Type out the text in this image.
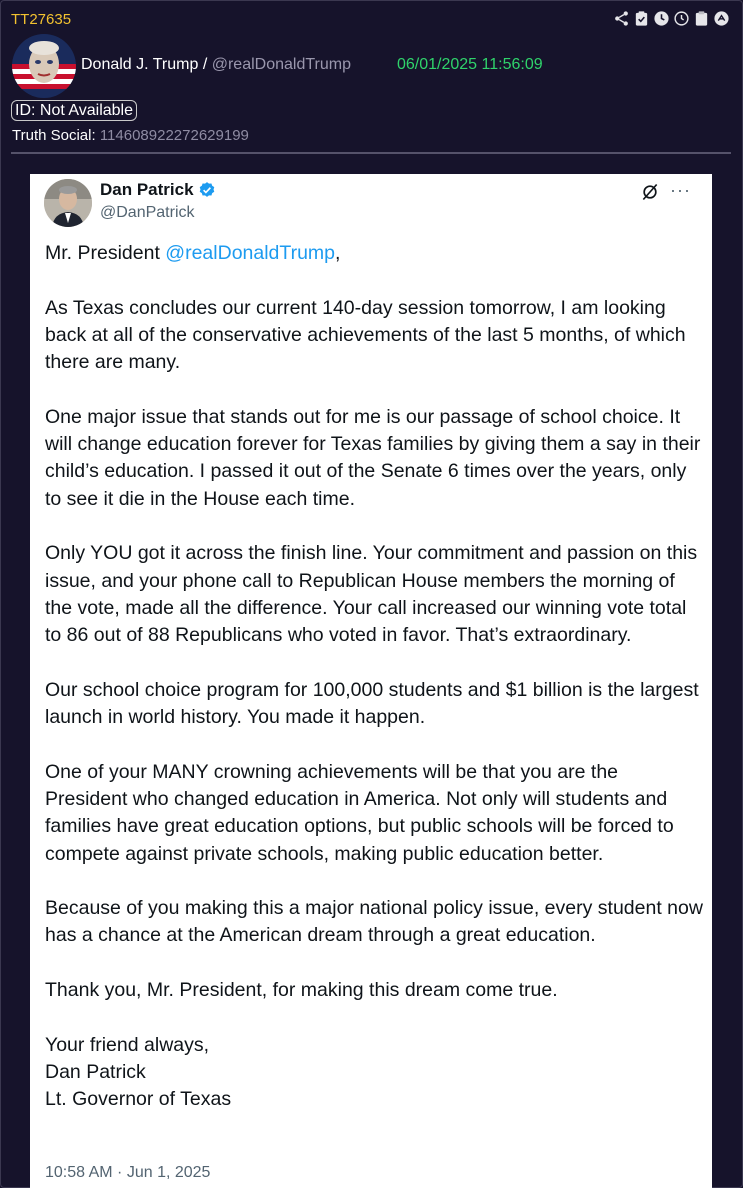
TT27635
Donald J. Trump / @realDonaldTrump	06/01/2025 11:56:09
ID: Not Available
Truth Social: 114608922272629199
Dan Patrick
@DanPatrick
···

Mr. President @realDonaldTrump,

As Texas concludes our current 140-day session tomorrow, I am looking back at all of the conservative achievements of the last 5 months, of which there are many.

One major issue that stands out for me is our passage of school choice. It will change education forever for Texas families by giving them a say in their child’s education. I passed it out of the Senate 6 times over the years, only to see it die in the House each time.

Only YOU got it across the finish line. Your commitment and passion on this issue, and your phone call to Republican House members the morning of the vote, made all the difference. Your call increased our winning vote total to 86 out of 88 Republicans who voted in favor. That’s extraordinary.

Our school choice program for 100,000 students and $1 billion is the largest launch in world history. You made it happen.

One of your MANY crowning achievements will be that you are the President who changed education in America. Not only will students and families have great education options, but public schools will be forced to compete against private schools, making public education better.

Because of you making this a major national policy issue, every student now has a chance at the American dream through a great education.

Thank you, Mr. President, for making this dream come true.

Your friend always,
Dan Patrick
Lt. Governor of Texas
10:58 AM · Jun 1, 2025
